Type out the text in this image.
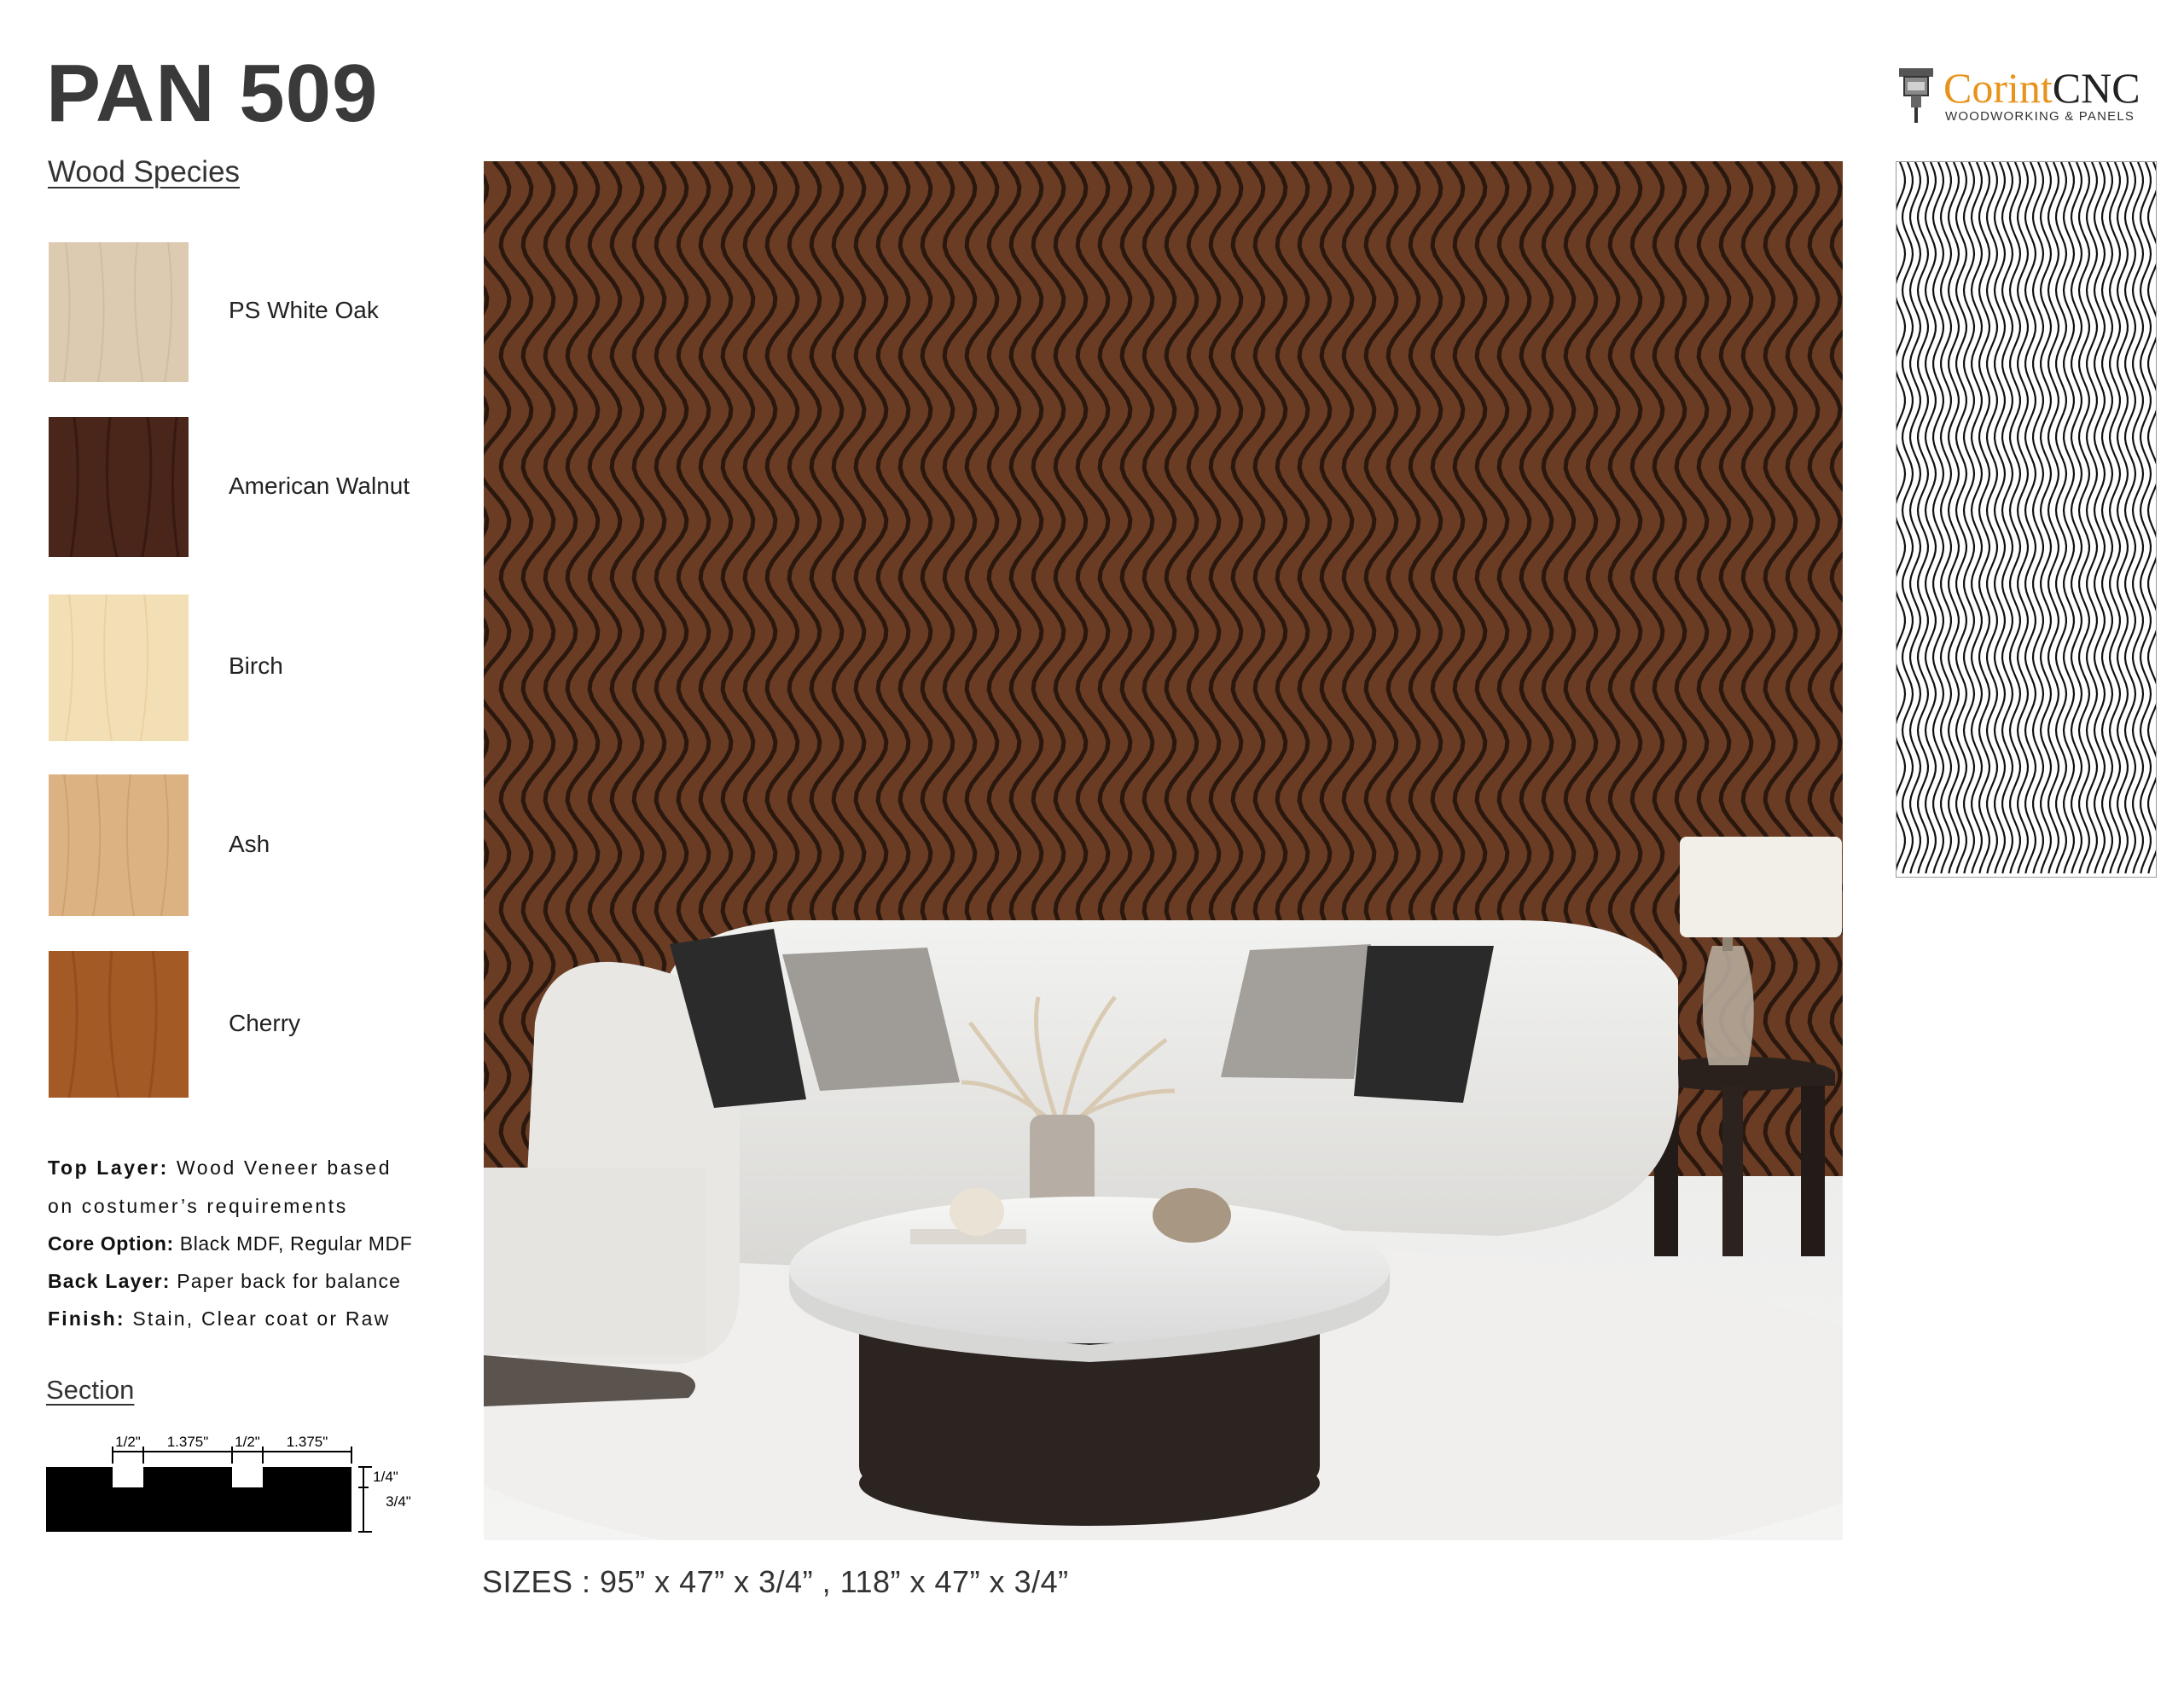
PAN 509	CorintCNC
WOODWORKING & PANELS
Wood Species
PS White Oak
American Walnut
Birch
Ash
Cherry
Top Layer: Wood Veneer based
on costumer’s requirements
Core Option: Black MDF, Regular MDF
Back Layer: Paper back for balance
Finish: Stain, Clear coat or Raw
Section
1/2" 1.375" 1/2" 1.375"
1/4"
3/4"
SIZES : 95” x 47” x 3/4” , 118” x 47” x 3/4”
